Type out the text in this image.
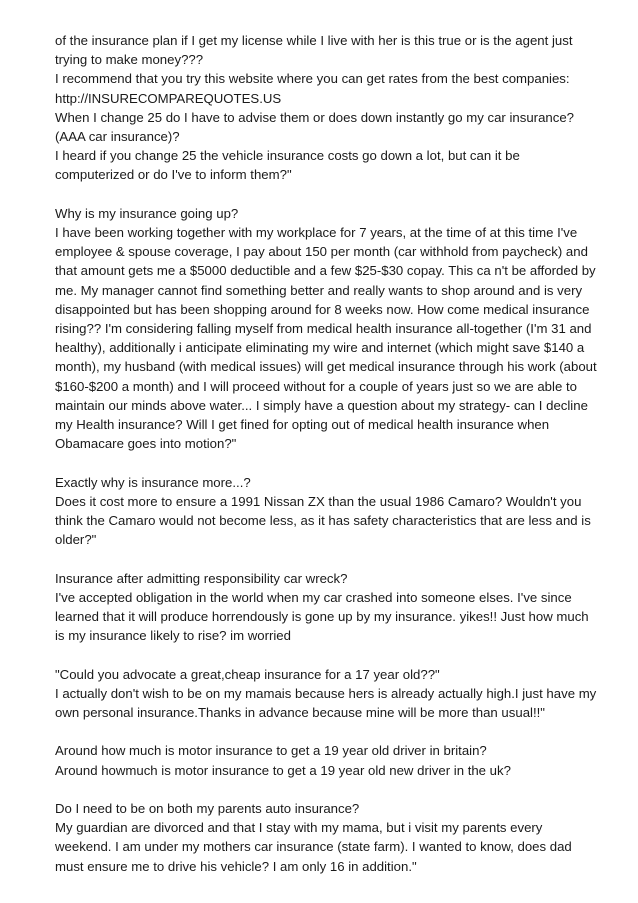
of the insurance plan if I get my license while I live with her is this true or is the agent just
trying to make money???
I recommend that you try this website where you can get rates from the best companies:
http://INSURECOMPAREQUOTES.US
When I change 25 do I have to advise them or does down instantly go my car insurance?
(AAA car insurance)?
I heard if you change 25 the vehicle insurance costs go down a lot, but can it be
computerized or do I've to inform them?"
Why is my insurance going up?
I have been working together with my workplace for 7 years, at the time of at this time I've
employee & spouse coverage, I pay about 150 per month (car withhold from paycheck) and
that amount gets me a $5000 deductible and a few $25-$30 copay. This ca n't be afforded by
me. My manager cannot find something better and really wants to shop around and is very
disappointed but has been shopping around for 8 weeks now. How come medical insurance
rising?? I'm considering falling myself from medical health insurance all-together (I'm 31 and
healthy), additionally i anticipate eliminating my wire and internet (which might save $140 a
month), my husband (with medical issues) will get medical insurance through his work (about
$160-$200 a month) and I will proceed without for a couple of years just so we are able to
maintain our minds above water... I simply have a question about my strategy- can I decline
my Health insurance? Will I get fined for opting out of medical health insurance when
Obamacare goes into motion?"
Exactly why is insurance more...?
Does it cost more to ensure a 1991 Nissan ZX than the usual 1986 Camaro? Wouldn't you
think the Camaro would not become less, as it has safety characteristics that are less and is
older?"
Insurance after admitting responsibility car wreck?
I've accepted obligation in the world when my car crashed into someone elses. I've since
learned that it will produce horrendously is gone up by my insurance. yikes!! Just how much
is my insurance likely to rise? im worried
"Could you advocate a great,cheap insurance for a 17 year old??"
I actually don't wish to be on my mamais because hers is already actually high.I just have my
own personal insurance.Thanks in advance because mine will be more than usual!!"
Around how much is motor insurance to get a 19 year old driver in britain?
Around howmuch is motor insurance to get a 19 year old new driver in the uk?
Do I need to be on both my parents auto insurance?
My guardian are divorced and that I stay with my mama, but i visit my parents every
weekend. I am under my mothers car insurance (state farm). I wanted to know, does dad
must ensure me to drive his vehicle? I am only 16 in addition."
